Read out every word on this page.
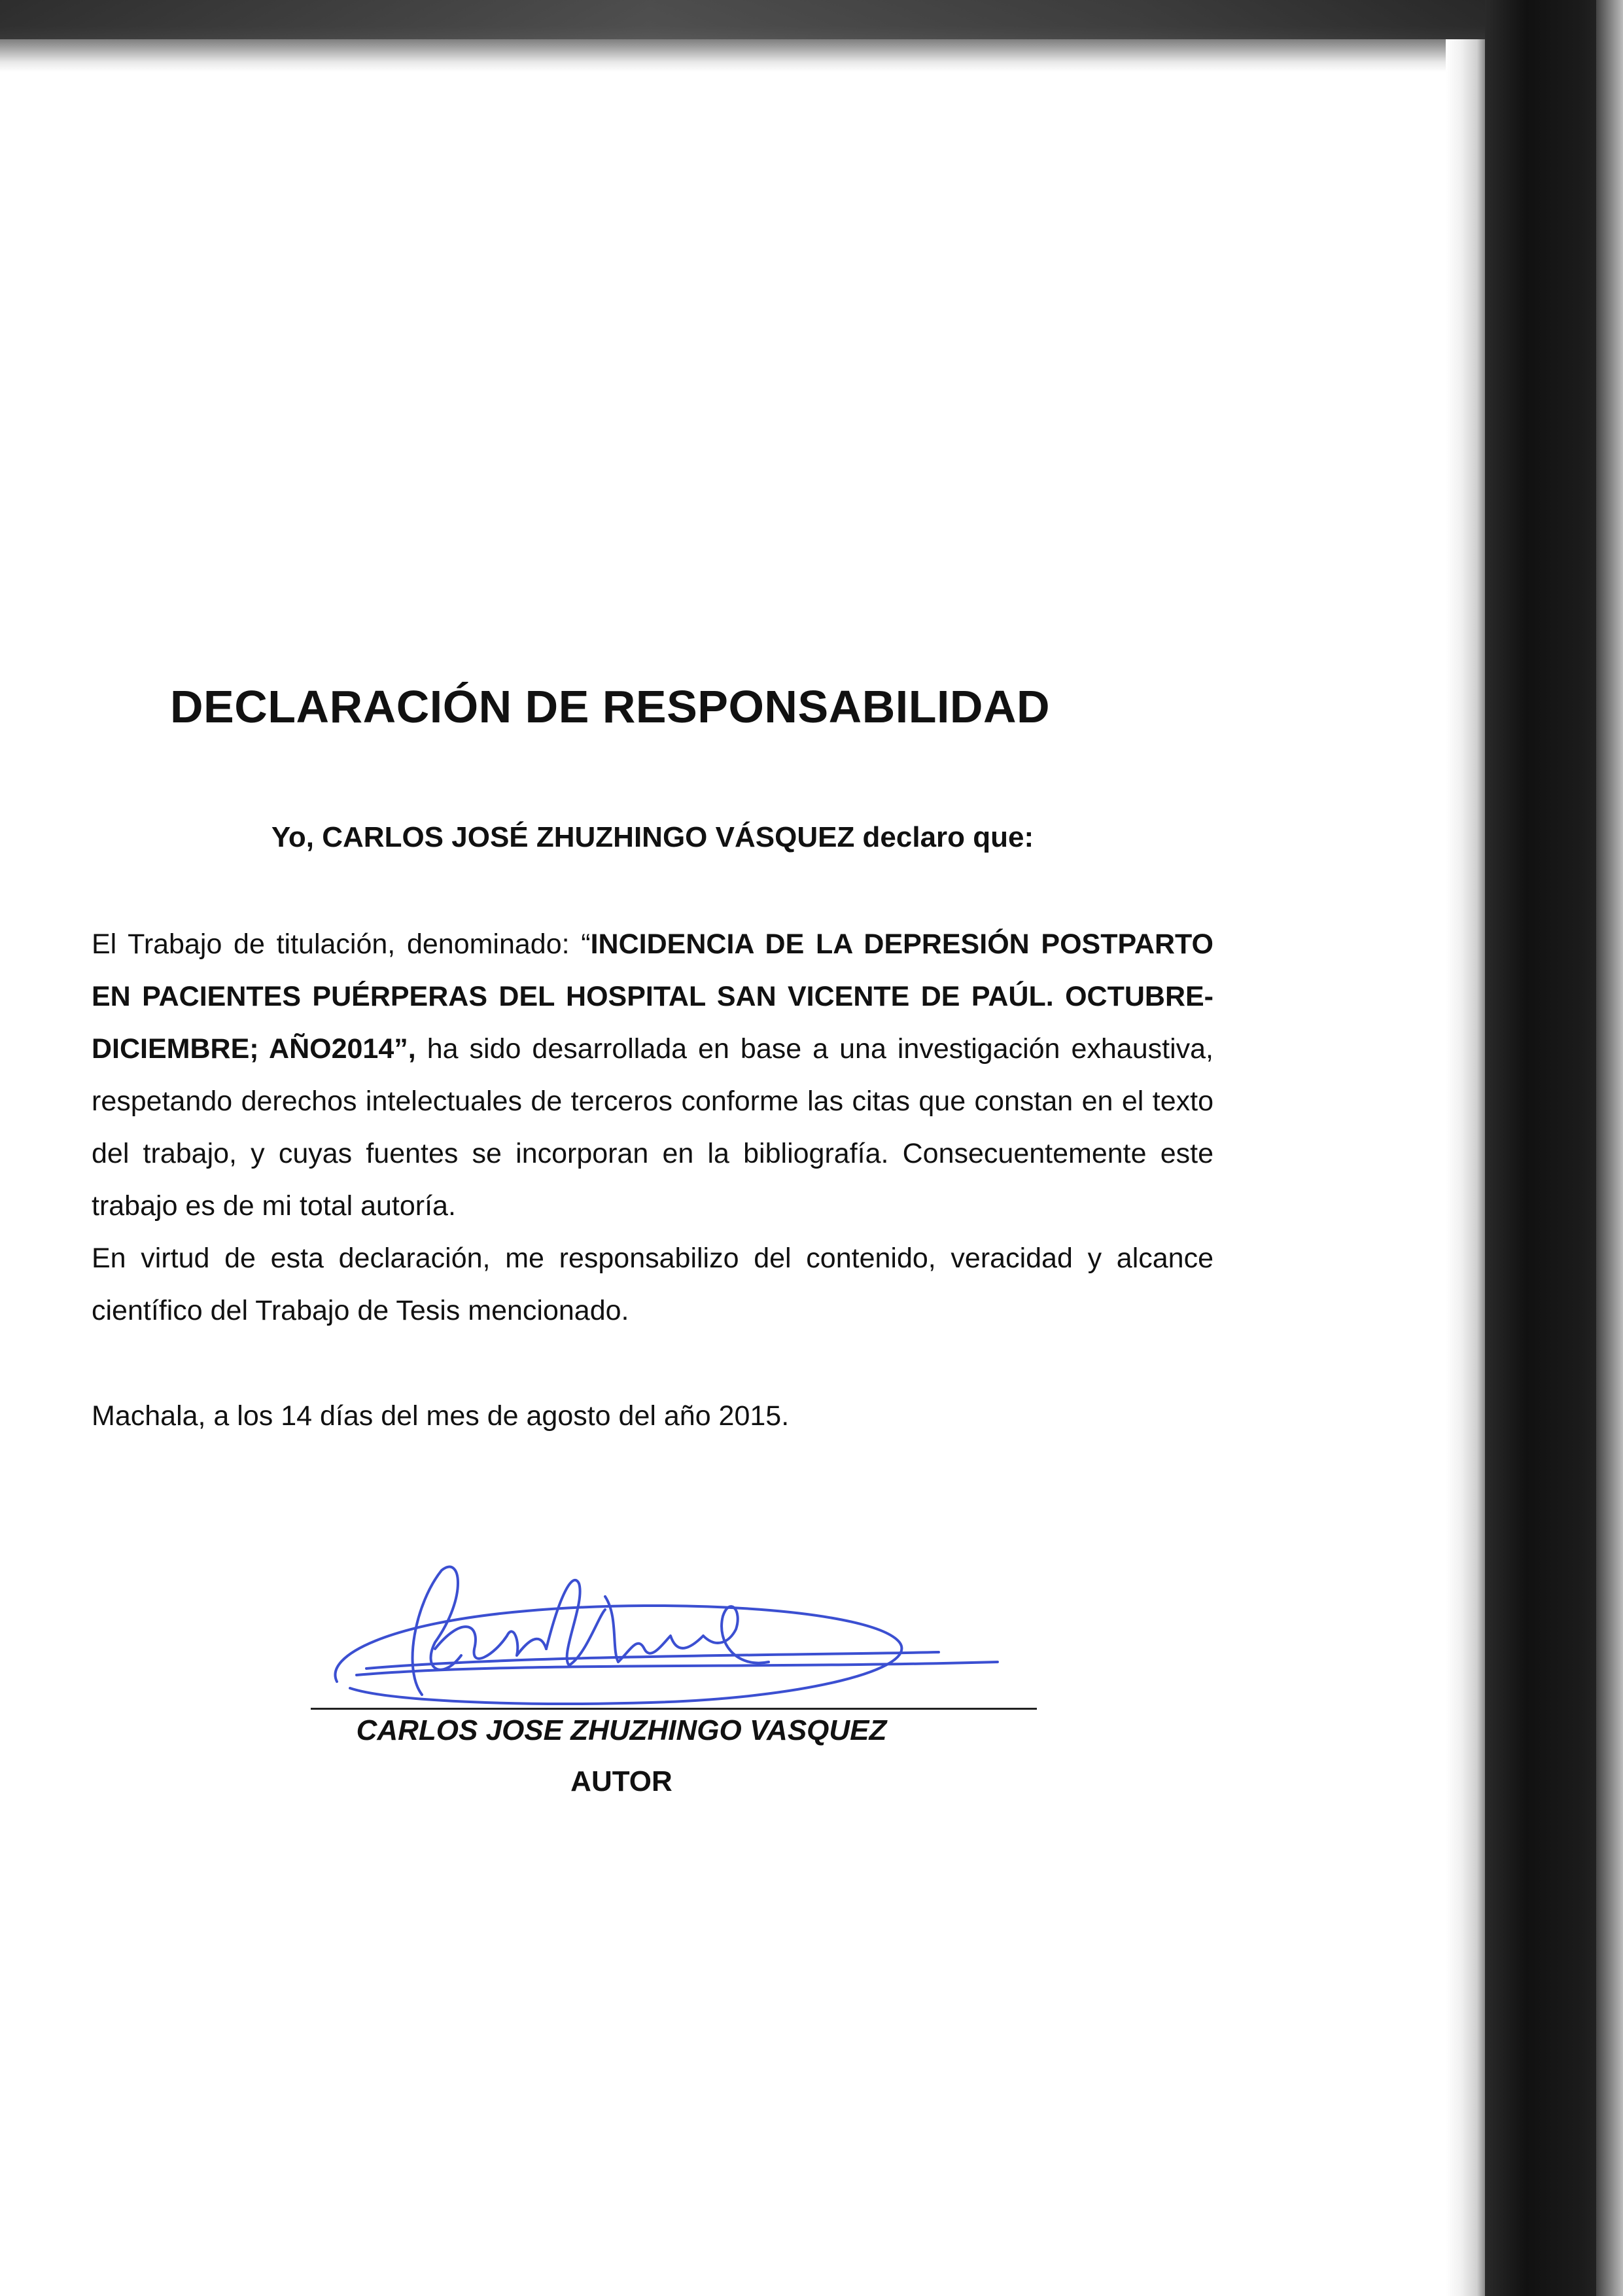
DECLARACIÓN DE RESPONSABILIDAD

Yo, CARLOS JOSÉ ZHUZHINGO VÁSQUEZ declaro que:

El Trabajo de titulación, denominado: “INCIDENCIA DE LA DEPRESIÓN POSTPARTO EN PACIENTES PUÉRPERAS DEL HOSPITAL SAN VICENTE DE PAÚL. OCTUBRE-DICIEMBRE; AÑO2014”, ha sido desarrollada en base a una investigación exhaustiva, respetando derechos intelectuales de terceros conforme las citas que constan en el texto del trabajo, y cuyas fuentes se incorporan en la bibliografía. Consecuentemente este trabajo es de mi total autoría.

En virtud de esta declaración, me responsabilizo del contenido, veracidad y alcance científico del Trabajo de Tesis mencionado.

Machala, a los 14 días del mes de agosto del año 2015.

CARLOS JOSE ZHUZHINGO VASQUEZ

AUTOR
